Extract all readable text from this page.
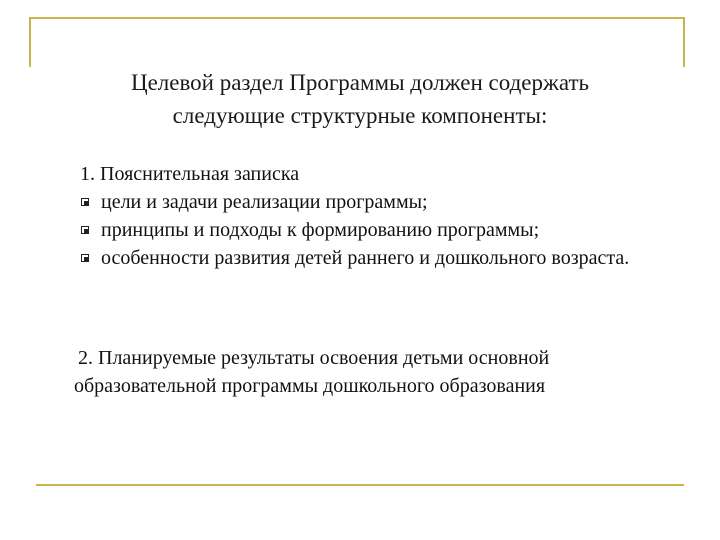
Целевой раздел Программы должен содержать
следующие структурные компоненты:
1. Пояснительная записка
цели и задачи реализации программы;
принципы и подходы к формированию программы;
особенности развития детей раннего и дошкольного возраста.
2. Планируемые результаты освоения детьми основной
образовательной программы дошкольного образования
